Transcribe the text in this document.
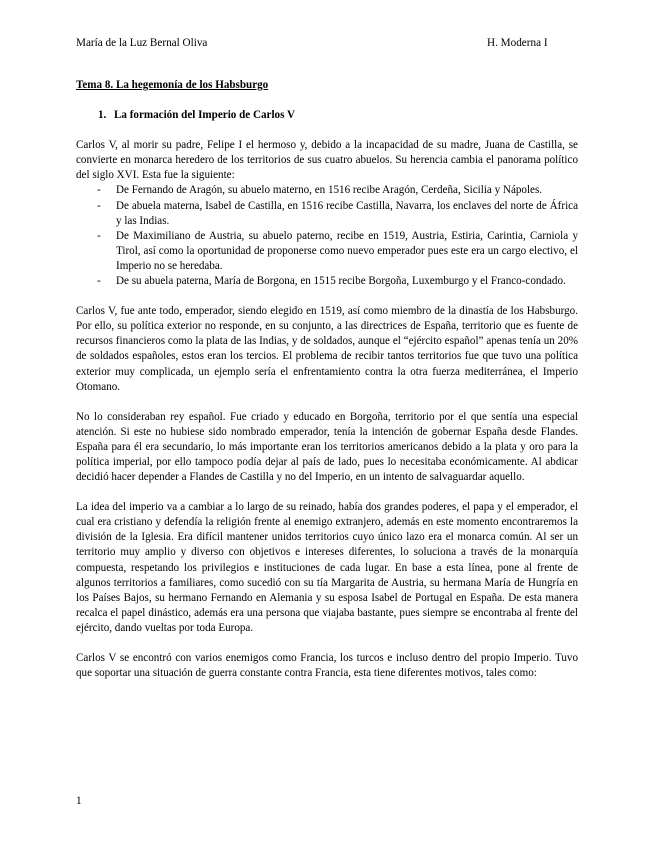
María de la Luz Bernal Oliva	H. Moderna I

Tema 8. La hegemonía de los Habsburgo

1. La formación del Imperio de Carlos V

Carlos V, al morir su padre, Felipe I el hermoso y, debido a la incapacidad de su madre, Juana de Castilla, se convierte en monarca heredero de los territorios de sus cuatro abuelos. Su herencia cambia el panorama político del siglo XVI. Esta fue la siguiente:

- De Fernando de Aragón, su abuelo materno, en 1516 recibe Aragón, Cerdeña, Sicilia y Nápoles.
- De abuela materna, Isabel de Castilla, en 1516 recibe Castilla, Navarra, los enclaves del norte de África y las Indias.
- De Maximiliano de Austria, su abuelo paterno, recibe en 1519, Austria, Estiria, Carintia, Carniola y Tirol, así como la oportunidad de proponerse como nuevo emperador pues este era un cargo electivo, el Imperio no se heredaba.
- De su abuela paterna, María de Borgona, en 1515 recibe Borgoña, Luxemburgo y el Franco-condado.

Carlos V, fue ante todo, emperador, siendo elegido en 1519, así como miembro de la dinastía de los Habsburgo. Por ello, su política exterior no responde, en su conjunto, a las directrices de España, territorio que es fuente de recursos financieros como la plata de las Indias, y de soldados, aunque el “ejército español” apenas tenía un 20% de soldados españoles, estos eran los tercios. El problema de recibir tantos territorios fue que tuvo una política exterior muy complicada, un ejemplo sería el enfrentamiento contra la otra fuerza mediterránea, el Imperio Otomano.

No lo consideraban rey español. Fue criado y educado en Borgoña, territorio por el que sentía una especial atención. Si este no hubiese sido nombrado emperador, tenía la intención de gobernar España desde Flandes. España para él era secundario, lo más importante eran los territorios americanos debido a la plata y oro para la política imperial, por ello tampoco podía dejar al país de lado, pues lo necesitaba económicamente. Al abdicar decidió hacer depender a Flandes de Castilla y no del Imperio, en un intento de salvaguardar aquello.

La idea del imperio va a cambiar a lo largo de su reinado, había dos grandes poderes, el papa y el emperador, el cual era cristiano y defendía la religión frente al enemigo extranjero, además en este momento encontraremos la división de la Iglesia. Era difícil mantener unidos territorios cuyo único lazo era el monarca común. Al ser un territorio muy amplio y diverso con objetivos e intereses diferentes, lo soluciona a través de la monarquía compuesta, respetando los privilegios e instituciones de cada lugar. En base a esta línea, pone al frente de algunos territorios a familiares, como sucedió con su tía Margarita de Austria, su hermana María de Hungría en los Países Bajos, su hermano Fernando en Alemania y su esposa Isabel de Portugal en España. De esta manera recalca el papel dinástico, además era una persona que viajaba bastante, pues siempre se encontraba al frente del ejército, dando vueltas por toda Europa.

Carlos V se encontró con varios enemigos como Francia, los turcos e incluso dentro del propio Imperio. Tuvo que soportar una situación de guerra constante contra Francia, esta tiene diferentes motivos, tales como:

1
